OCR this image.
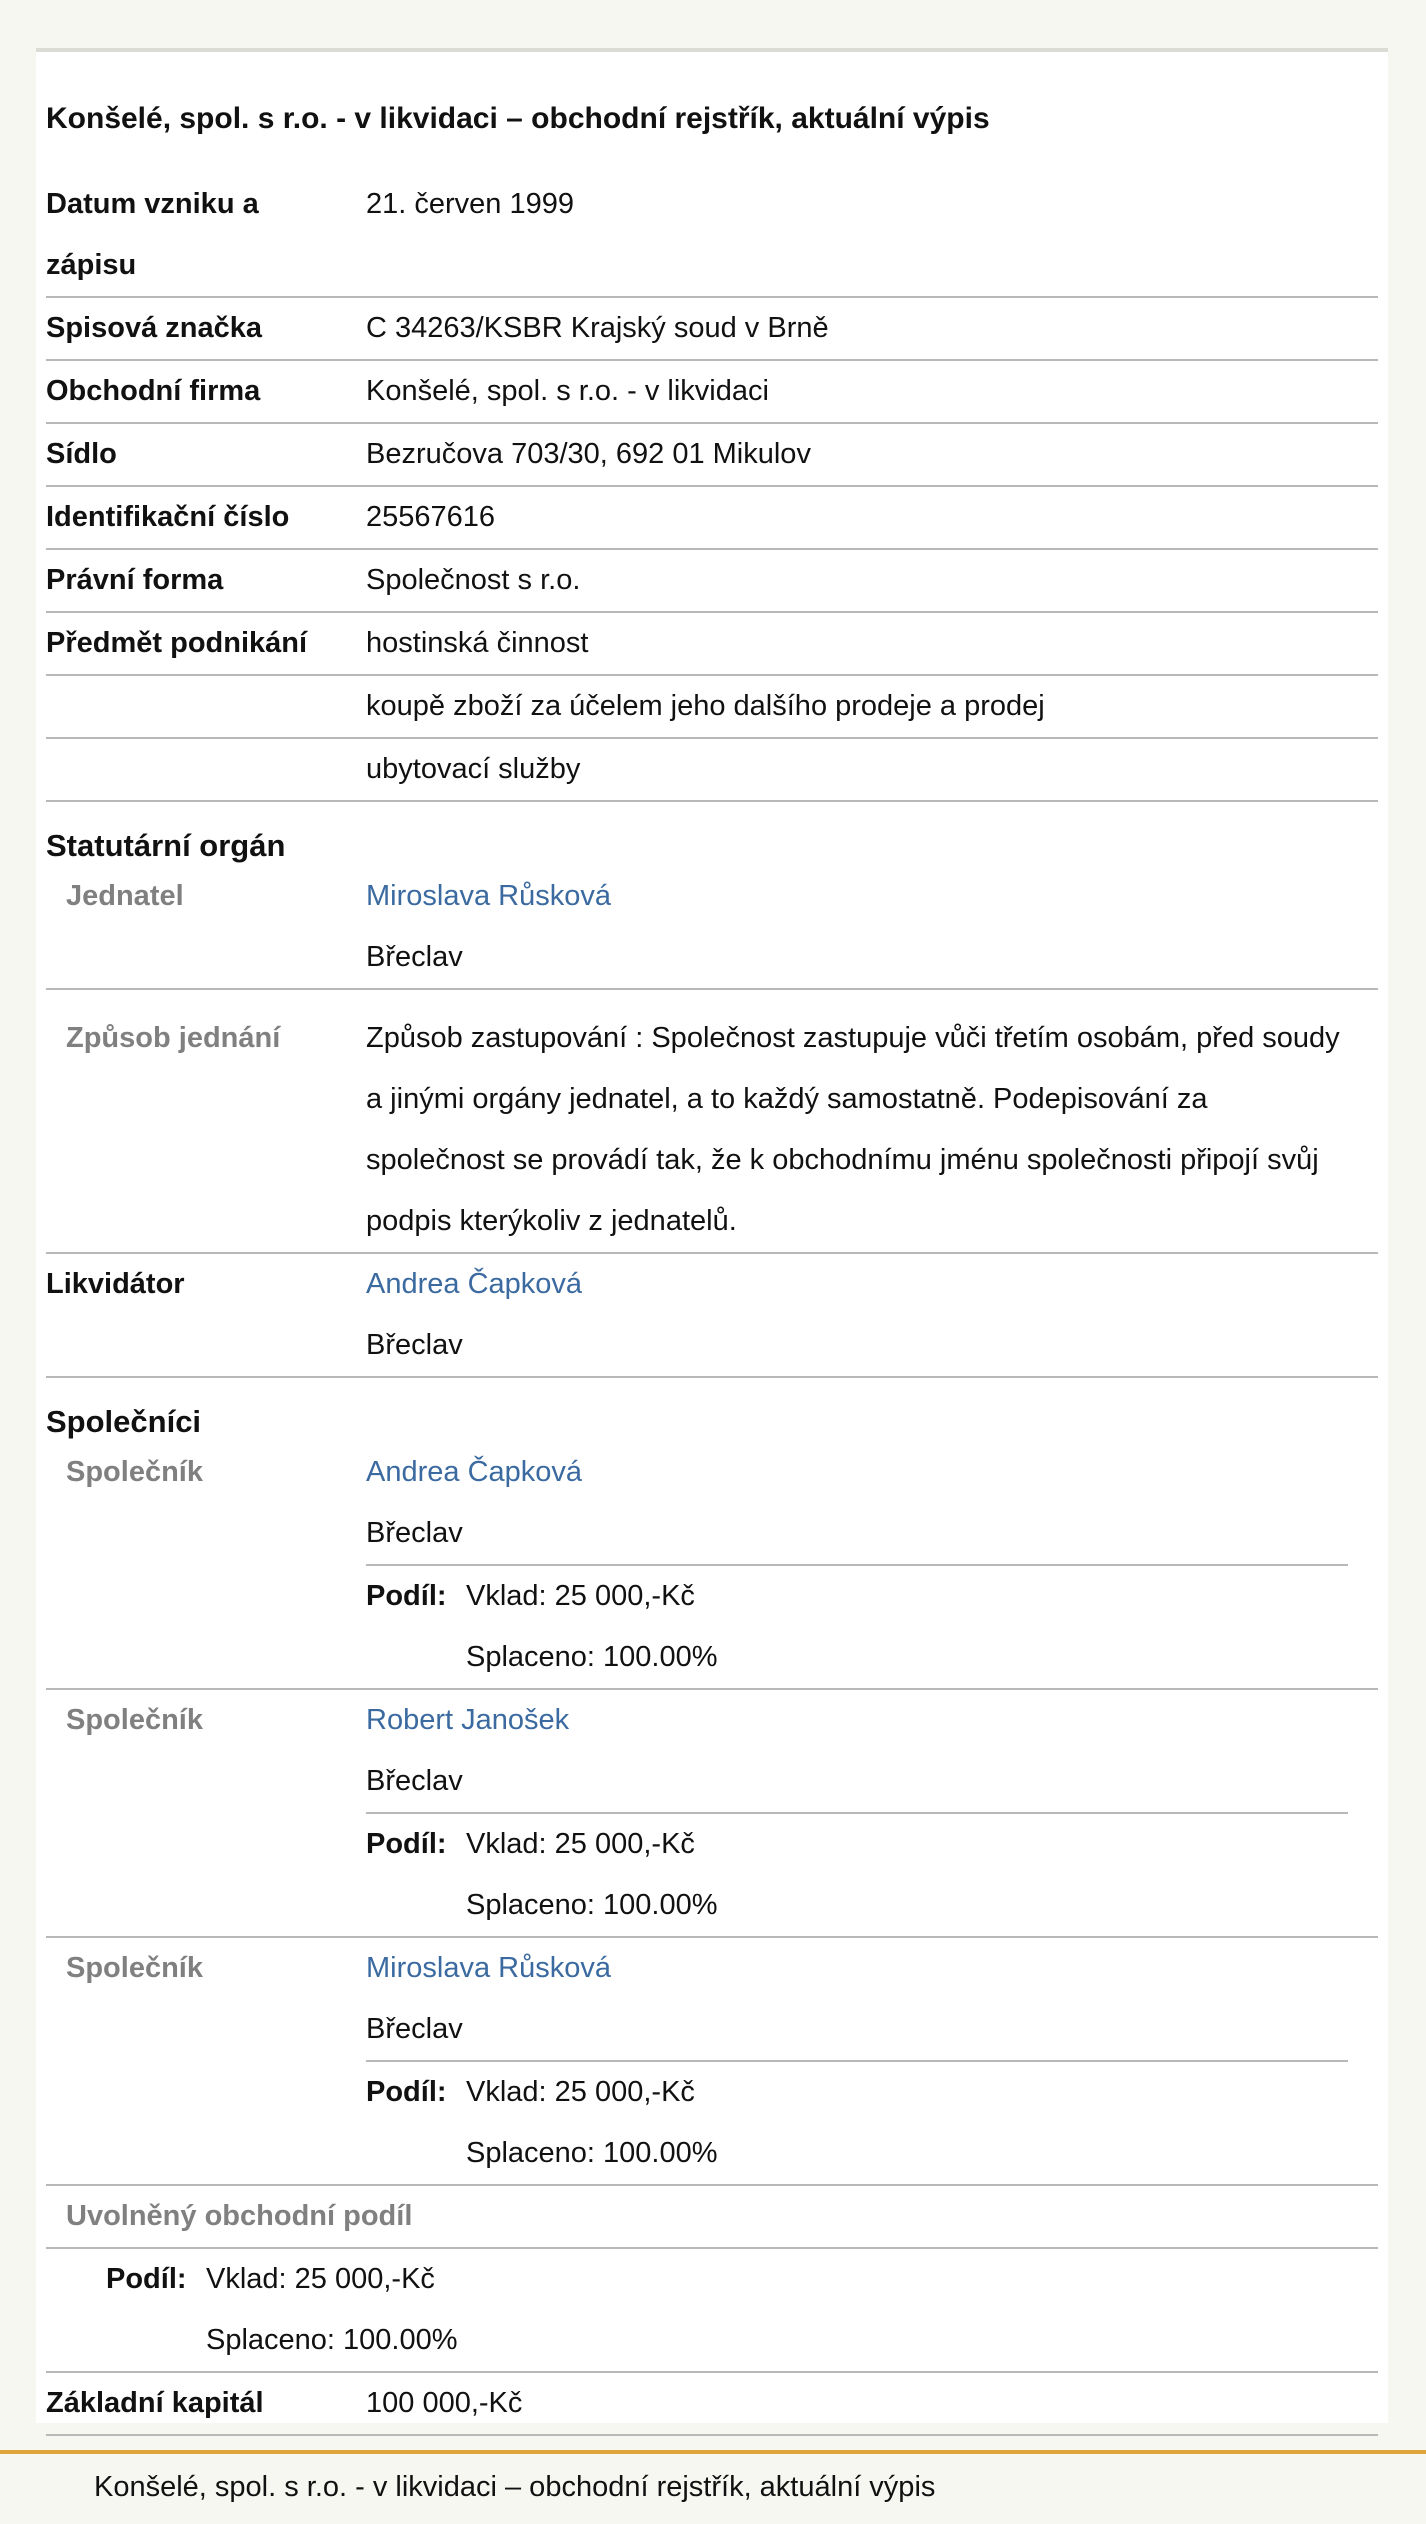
Konšelé, spol. s r.o. - v likvidaci – obchodní rejstřík, aktuální výpis
Datum vzniku a
zápisu
21. červen 1999
Spisová značka	C 34263/KSBR Krajský soud v Brně
Obchodní firma	Konšelé, spol. s r.o. - v likvidaci
Sídlo	Bezručova 703/30, 692 01 Mikulov
Identifikační číslo	25567616
Právní forma	Společnost s r.o.
Předmět podnikání	hostinská činnost
koupě zboží za účelem jeho dalšího prodeje a prodej
ubytovací služby
Statutární orgán
Jednatel	Miroslava Růsková
Břeclav
Způsob jednání	Způsob zastupování : Společnost zastupuje vůči třetím osobám, před soudy
a jinými orgány jednatel, a to každý samostatně. Podepisování za
společnost se provádí tak, že k obchodnímu jménu společnosti připojí svůj
podpis kterýkoliv z jednatelů.
Likvidátor	Andrea Čapková
Břeclav
Společníci
Společník	Andrea Čapková
Břeclav
Podíl: Vklad: 25 000,-Kč
Splaceno: 100.00%
Společník	Robert Janošek
Břeclav
Podíl: Vklad: 25 000,-Kč
Splaceno: 100.00%
Společník	Miroslava Růsková
Břeclav
Podíl: Vklad: 25 000,-Kč
Splaceno: 100.00%
Uvolněný obchodní podíl
Podíl: Vklad: 25 000,-Kč
Splaceno: 100.00%
Základní kapitál	100 000,-Kč
Konšelé, spol. s r.o. - v likvidaci – obchodní rejstřík, aktuální výpis
